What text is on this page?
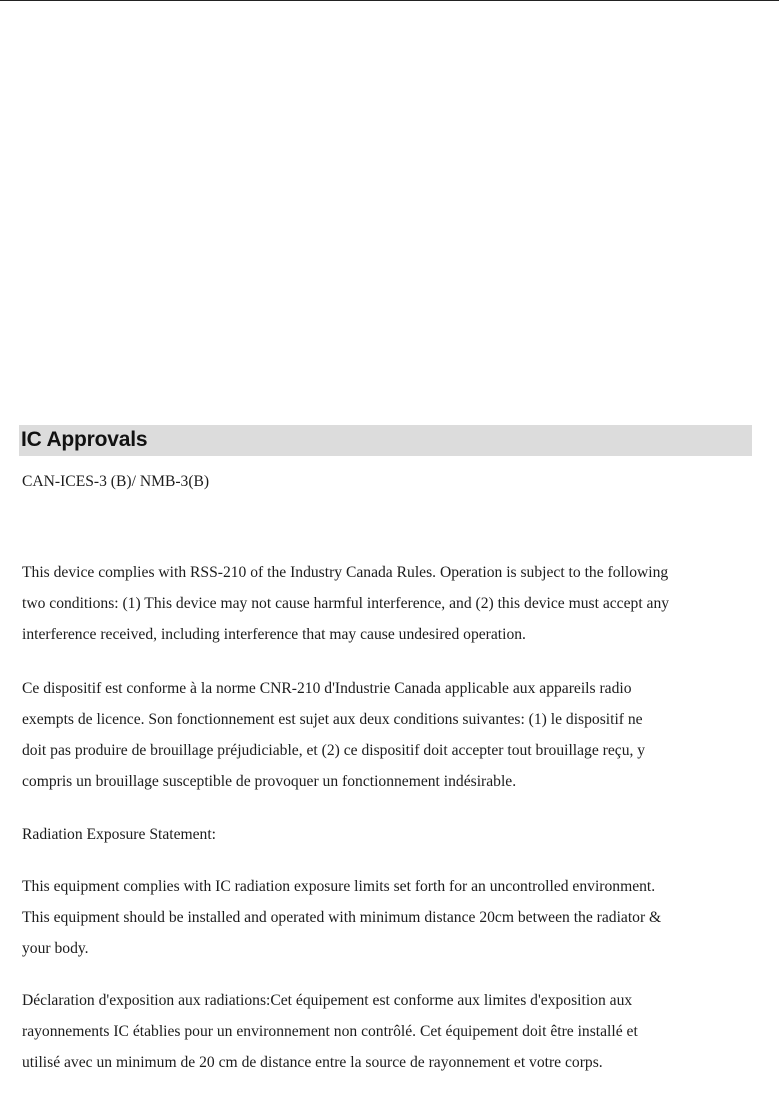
IC Approvals

CAN-ICES-3 (B)/ NMB-3(B)

This device complies with RSS-210 of the Industry Canada Rules. Operation is subject to the following
two conditions: (1) This device may not cause harmful interference, and (2) this device must accept any
interference received, including interference that may cause undesired operation.
Ce dispositif est conforme à la norme CNR-210 d'Industrie Canada applicable aux appareils radio
exempts de licence. Son fonctionnement est sujet aux deux conditions suivantes: (1) le dispositif ne
doit pas produire de brouillage préjudiciable, et (2) ce dispositif doit accepter tout brouillage reçu, y
compris un brouillage susceptible de provoquer un fonctionnement indésirable.

Radiation Exposure Statement:

This equipment complies with IC radiation exposure limits set forth for an uncontrolled environment.
This equipment should be installed and operated with minimum distance 20cm between the radiator &
your body.
Déclaration d'exposition aux radiations:Cet équipement est conforme aux limites d'exposition aux
rayonnements IC établies pour un environnement non contrôlé. Cet équipement doit être installé et
utilisé avec un minimum de 20 cm de distance entre la source de rayonnement et votre corps.
